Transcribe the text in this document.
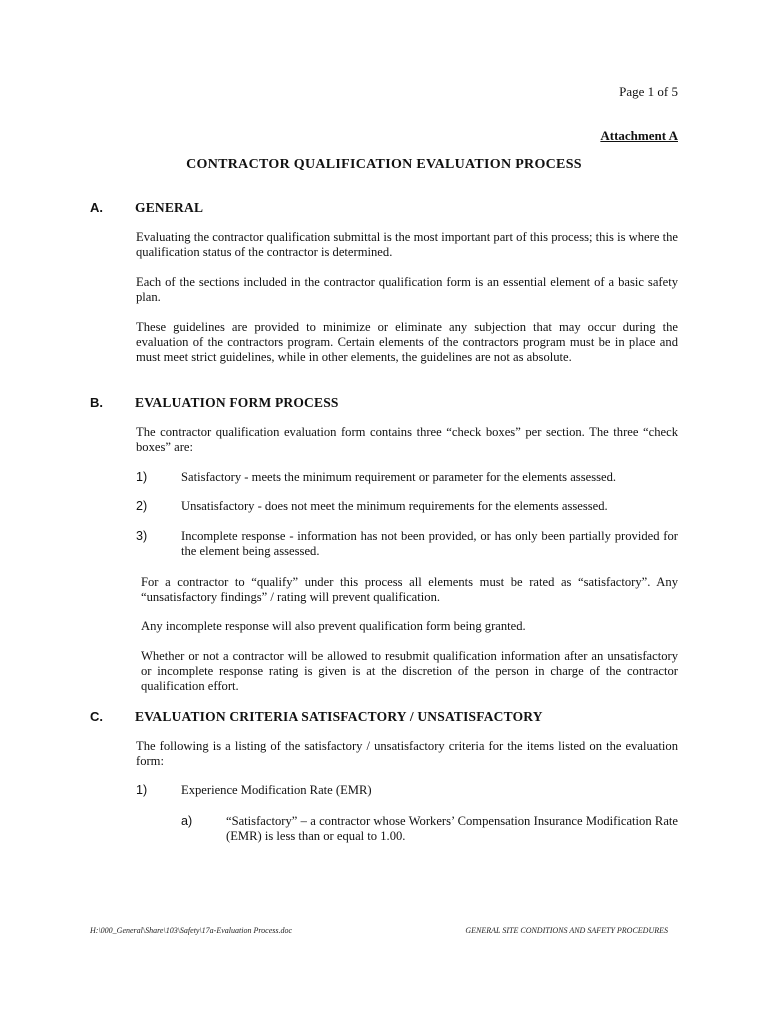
Page 1 of 5
Attachment A
CONTRACTOR QUALIFICATION EVALUATION PROCESS
A. GENERAL

Evaluating the contractor qualification submittal is the most important part of this process; this is where the qualification status of the contractor is determined.

Each of the sections included in the contractor qualification form is an essential element of a basic safety plan.

These guidelines are provided to minimize or eliminate any subjection that may occur during the evaluation of the contractors program. Certain elements of the contractors program must be in place and must meet strict guidelines, while in other elements, the guidelines are not as absolute.

B. EVALUATION FORM PROCESS

The contractor qualification evaluation form contains three “check boxes” per section. The three “check boxes” are:

1)	Satisfactory - meets the minimum requirement or parameter for the elements assessed.

2)	Unsatisfactory - does not meet the minimum requirements for the elements assessed.

3)	Incomplete response - information has not been provided, or has only been partially provided for the element being assessed.

For a contractor to “qualify” under this process all elements must be rated as “satisfactory”. Any “unsatisfactory findings” / rating will prevent qualification.

Any incomplete response will also prevent qualification form being granted.

Whether or not a contractor will be allowed to resubmit qualification information after an unsatisfactory or incomplete response rating is given is at the discretion of the person in charge of the contractor qualification effort.

C. EVALUATION CRITERIA SATISFACTORY / UNSATISFACTORY

The following is a listing of the satisfactory / unsatisfactory criteria for the items listed on the evaluation form:

1)	Experience Modification Rate (EMR)

a)	“Satisfactory” – a contractor whose Workers’ Compensation Insurance Modification Rate (EMR) is less than or equal to 1.00.

H:\000_General\Share\103\Safety\17a-Evaluation Process.doc	GENERAL SITE CONDITIONS AND SAFETY PROCEDURES
